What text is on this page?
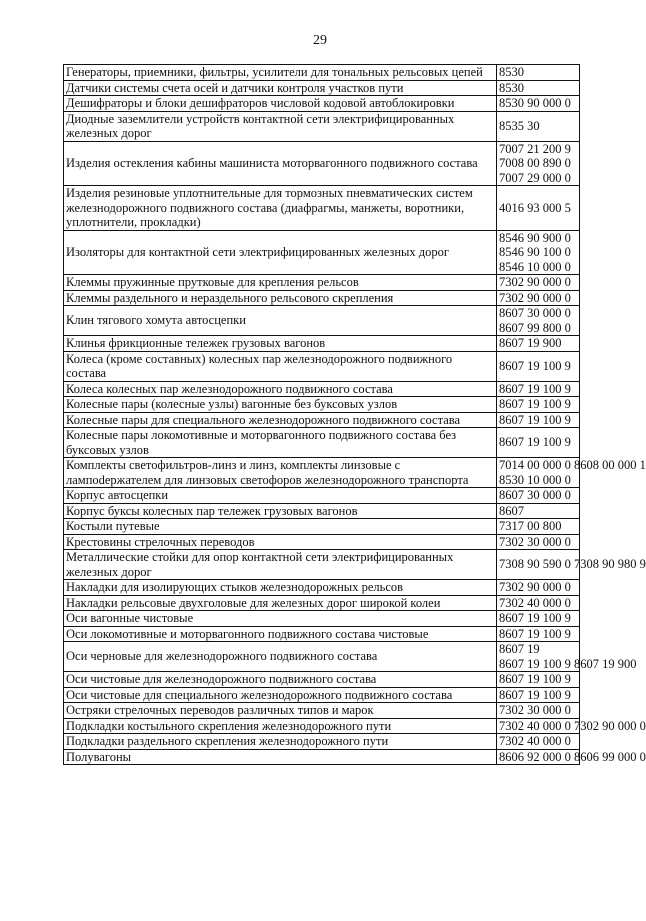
29
Генераторы, приемники, фильтры, усилители для тональных рельсовых цепей	8530

Датчики системы счета осей и датчики контроля участков пути	8530

Дешифраторы и блоки дешифраторов числовой кодовой автоблокировки	8530 90 000 0

Диодные заземлители устройств контактной сети электрифицированных железных дорог	8535 30

Изделия остекления кабины машиниста моторвагонного подвижного состава	7007 21 200 9
7008 00 890 0
7007 29 000 0

Изделия резиновые уплотнительные для тормозных пневматических систем железнодорожного подвижного состава (диафрагмы, манжеты, воротники, уплотнители, прокладки)	4016 93 000 5

Изоляторы для контактной сети электрифицированных железных дорог	8546 90 900 0
8546 90 100 0
8546 10 000 0

Клеммы пружинные прутковые для крепления рельсов	7302 90 000 0

Клеммы раздельного и нераздельного рельсового скрепления	7302 90 000 0

Клин тягового хомута автосцепки	8607 30 000 0
8607 99 800 0

Клинья фрикционные тележек грузовых вагонов	8607 19 900

Колеса (кроме составных) колесных пар железнодорожного подвижного состава	8607 19 100 9

Колеса колесных пар железнодорожного подвижного состава	8607 19 100 9

Колесные пары (колесные узлы) вагонные без буксовых узлов	8607 19 100 9

Колесные пары для специального железнодорожного подвижного состава	8607 19 100 9

Колесные пары локомотивные и моторвагонного подвижного состава без буксовых узлов	8607 19 100 9

Комплекты светофильтров-линз и линз, комплекты линзовые с лампodержателем для линзовых светофоров железнодорожного транспорта	7014 00 000 0 8608 00 000 1
8530 10 000 0

Корпус автосцепки	8607 30 000 0

Корпус буксы колесных пар тележек грузовых вагонов	8607

Костыли путевые	7317 00 800

Крестовины стрелочных переводов	7302 30 000 0

Металлические стойки для опор контактной сети электрифицированных железных дорог	7308 90 590 0 7308 90 980 9

Накладки для изолирующих стыков железнодорожных рельсов	7302 90 000 0

Накладки рельсовые двухголовые для железных дорог широкой колеи	7302 40 000 0

Оси вагонные чистовые	8607 19 100 9

Оси локомотивные и моторвагонного подвижного состава чистовые	8607 19 100 9

Оси черновые для железнодорожного подвижного состава	8607 19
8607 19 100 9 8607 19 900

Оси чистовые для железнодорожного подвижного состава	8607 19 100 9

Оси чистовые для специального железнодорожного подвижного состава	8607 19 100 9

Остряки стрелочных переводов различных типов и марок	7302 30 000 0

Подкладки костыльного скрепления железнодорожного пути	7302 40 000 0 7302 90 000 0

Подкладки раздельного скрепления железнодорожного пути	7302 40 000 0

Полувагоны	8606 92 000 0 8606 99 000 0
